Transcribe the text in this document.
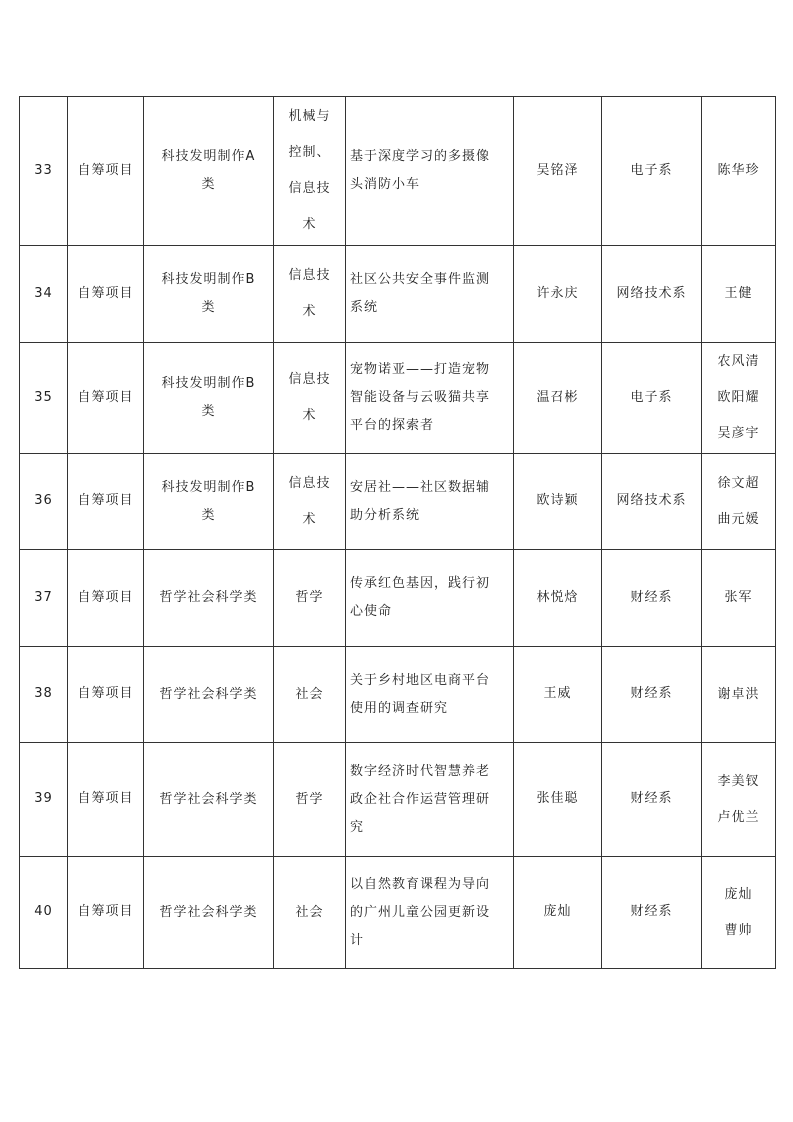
33	自筹项目	科技发明制作A
类	机械与
控制、
信息技
术	基于深度学习的多摄像
头消防小车	吴铭泽	电子系	陈华珍

34	自筹项目	科技发明制作B
类	信息技
术	社区公共安全事件监测
系统	许永庆	网络技术系	王健

35	自筹项目	科技发明制作B
类	信息技
术	宠物诺亚——打造宠物
智能设备与云吸猫共享
平台的探索者	温召彬	电子系	农风清
欧阳耀
吴彦宇

36	自筹项目	科技发明制作B
类	信息技
术	安居社——社区数据辅
助分析系统	欧诗颖	网络技术系	徐文超
曲元媛

37	自筹项目	哲学社会科学类	哲学	传承红色基因，践行初
心使命	林悦焓	财经系	张军

38	自筹项目	哲学社会科学类	社会	关于乡村地区电商平台
使用的调查研究	王威	财经系	谢卓洪

39	自筹项目	哲学社会科学类	哲学	数字经济时代智慧养老
政企社合作运营管理研
究	张佳聪	财经系	李美钗
卢优兰

40	自筹项目	哲学社会科学类	社会	以自然教育课程为导向
的广州儿童公园更新设
计	庞灿	财经系	庞灿
曹帅
